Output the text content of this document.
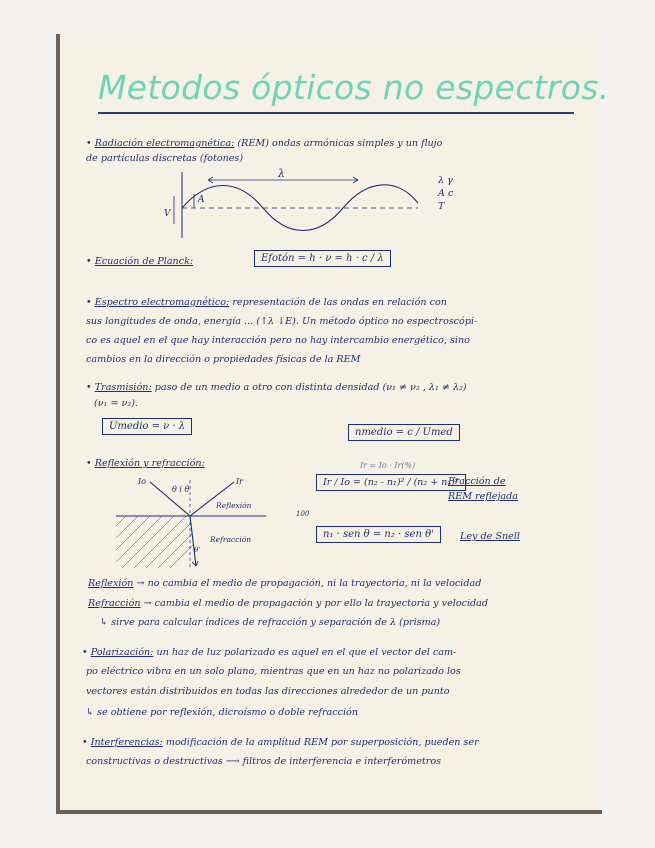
Metodos ópticos no espectros.
• Radiación electromagnética: (REM) ondas armónicas simples y un flujo
de partículas discretas (fotones)
λ
A
V
λ γ
A c
T
• Ecuación de Planck:	Efotón = h · ν = h · c / λ
• Espectro electromagnético: representación de las ondas en relación con
sus longitudes de onda, energía ... (↑λ ↓E). Un método óptico no espectroscópi-
co es aquel en el que hay interacción pero no hay intercambio energético, sino
cambios en la dirección o propiedades físicas de la REM
• Trasmisión: paso de un medio a otro con distinta densidad (ν₁ ≠ ν₂ , λ₁ ≠ λ₂)
(ν₁ = ν₂).
Umedio = ν · λ
nmedio = c / Umed
• Reflexión y refracción:
Io	Ir
θ i θ
Reflexión
Refracción
θ'
Ir = Io · Ir(%)
Ir / Io = (n₂ - n₁)² / (n₂ + n₁)²
100
Fracción de
REM reflejada
n₁ · sen θ = n₂ · sen θ'	Ley de Snell
Reflexión → no cambia el medio de propagación, ni la trayectoria, ni la velocidad
Refracción → cambia el medio de propagación y por ello la trayectoria y velocidad
↳ sirve para calcular índices de refracción y separación de λ (prisma)
• Polarización: un haz de luz polarizado es aquel en el que el vector del cam-
po eléctrico vibra en un solo plano, mientras que en un haz no polarizado los
vectores están distribuidos en todas las direcciones alrededor de un punto
↳ se obtiene por reflexión, dicroísmo o doble refracción
• Interferencias: modificación de la amplitud REM por superposición, pueden ser
constructivas o destructivas ⟶ filtros de interferencia e interferómetros
